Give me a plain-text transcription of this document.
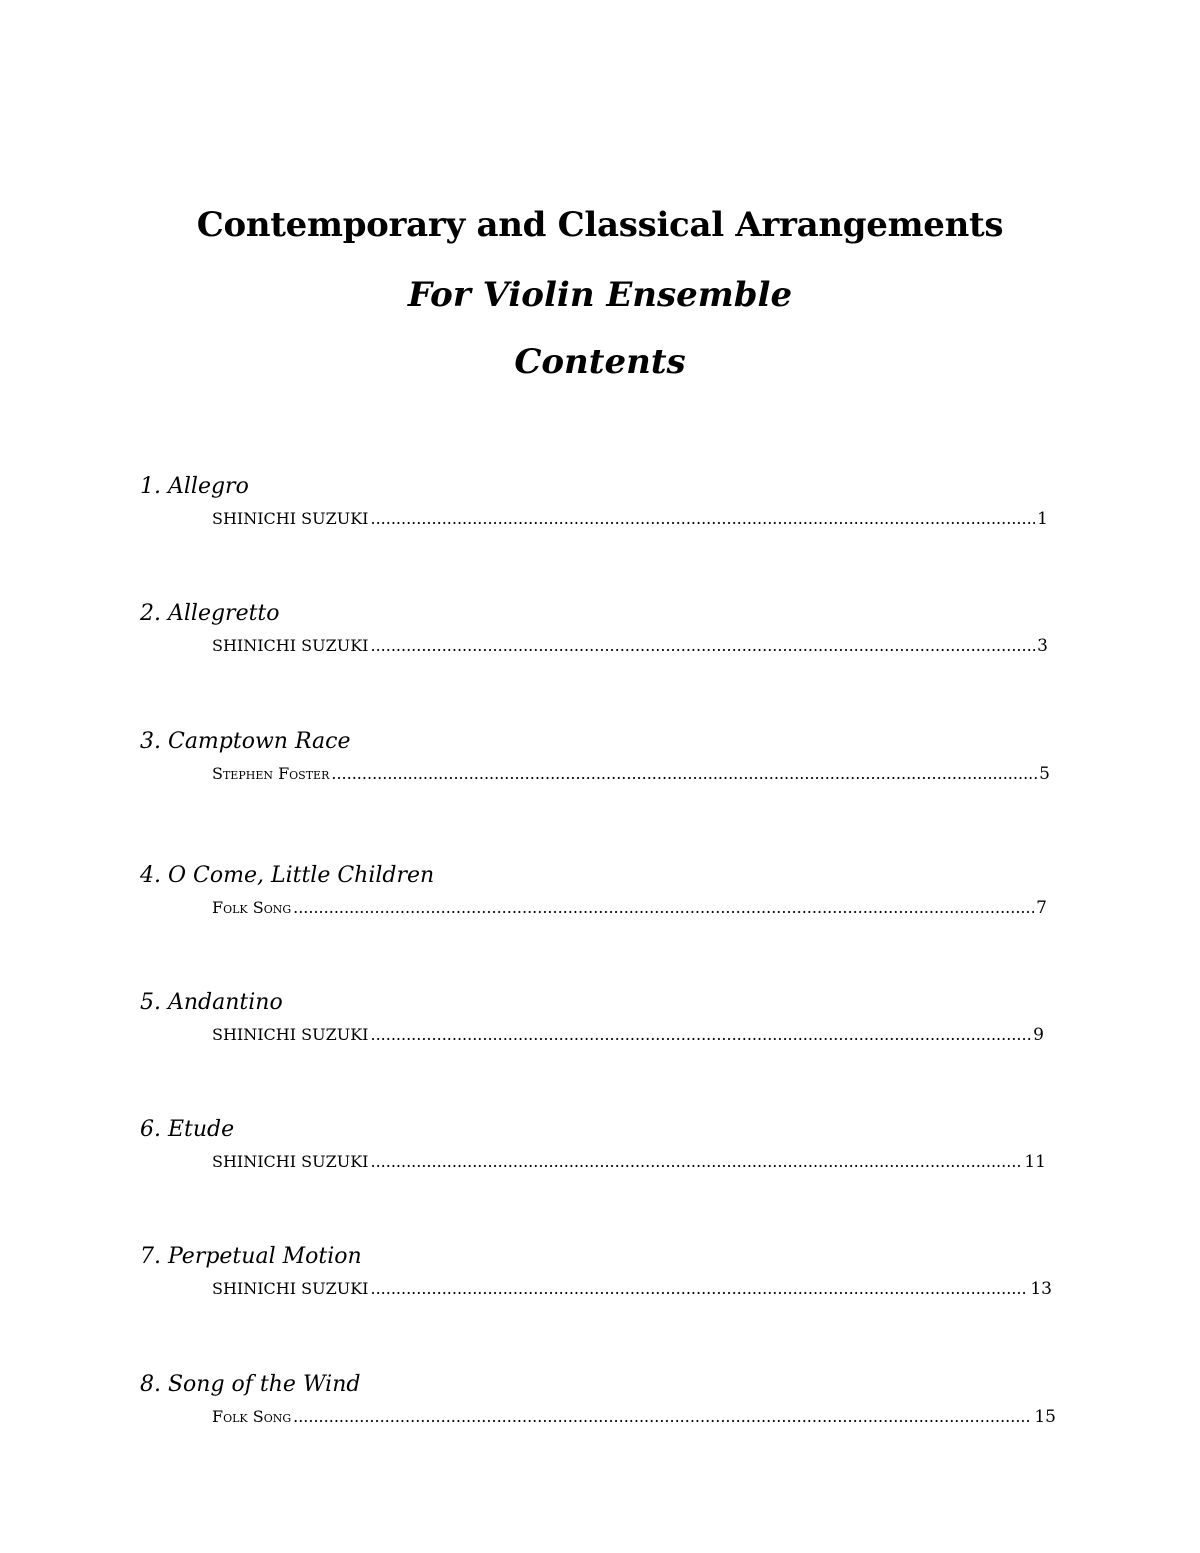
Contemporary and Classical Arrangements
For Violin Ensemble
Contents
1. Allegro
SHINICHI SUZUKI .....	1
2. Allegretto
SHINICHI SUZUKI .....	3
3. Camptown Race
Stephen Foster .....	5
4. O Come, Little Children
Folk Song .....	7
5. Andantino
SHINICHI SUZUKI .....	9
6. Etude
SHINICHI SUZUKI .....	11
7. Perpetual Motion
SHINICHI SUZUKI .....	13
8. Song of the Wind
Folk Song .....	15
